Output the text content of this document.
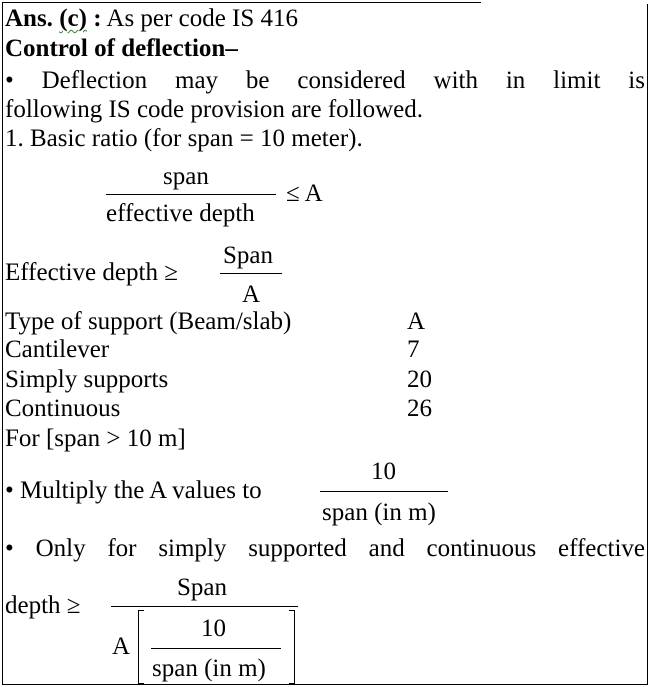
Ans. (c) : As per code IS 416
Control of deflection–
• Deflection may be considered with in limit is
following IS code provision are followed.
1. Basic ratio (for span = 10 meter).
span
effective depth
≤ A
Effective depth ≥
Span
A
Type of support (Beam/slab)	A
Cantilever	7
Simply supports	20
Continuous	26
For [span > 10 m]
• Multiply the A values to
10
span (in m)
• Only for simply supported and continuous effective
depth ≥
Span
A
10
span (in m)
